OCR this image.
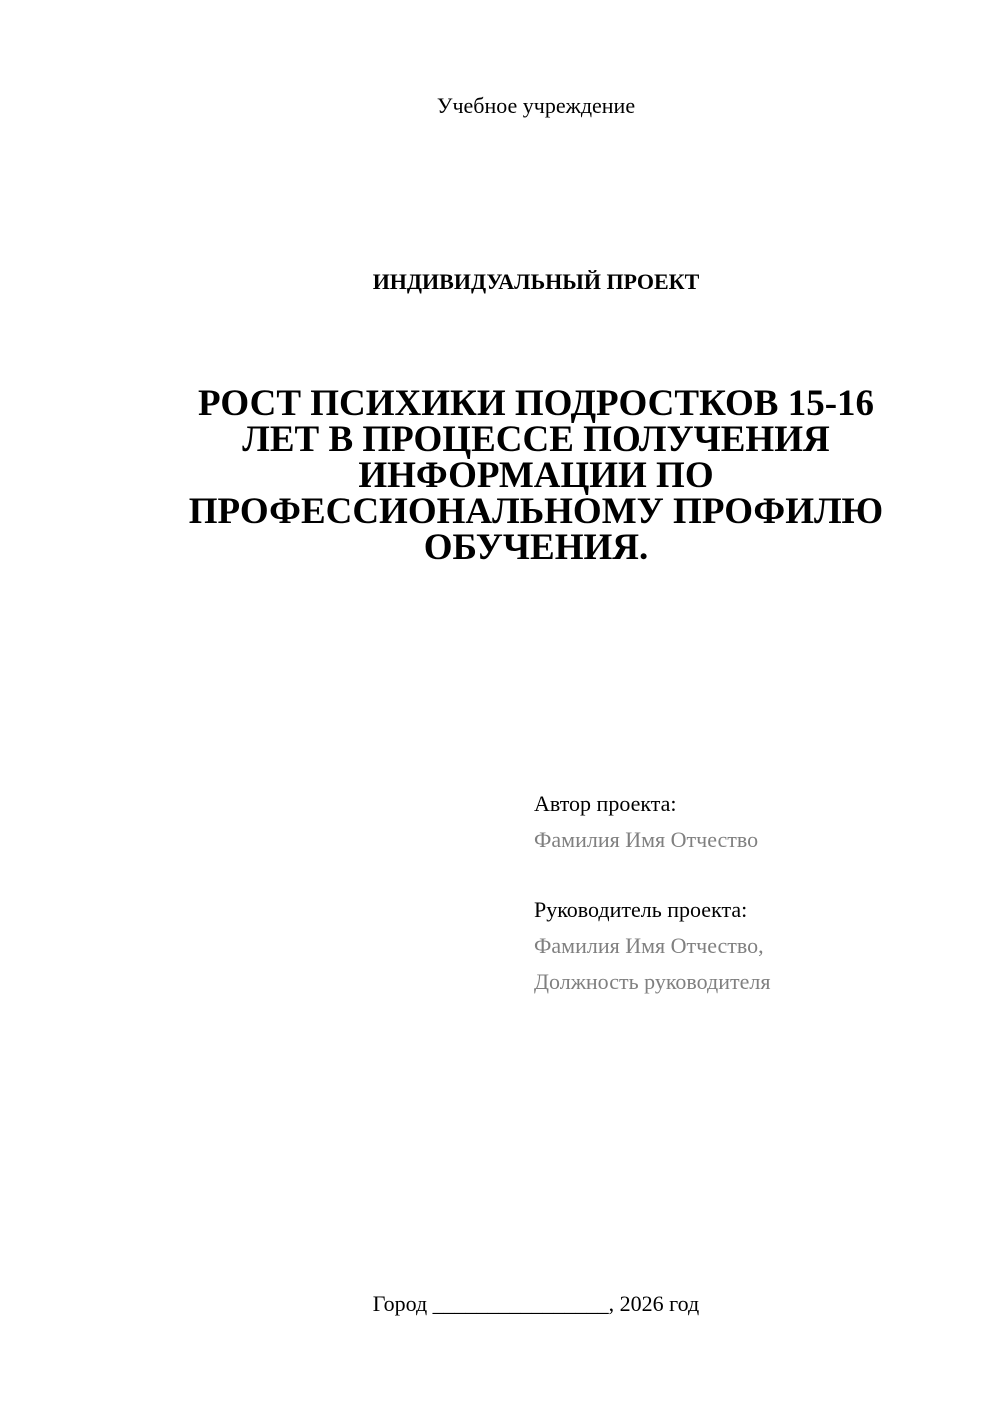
Учебное учреждение
ИНДИВИДУАЛЬНЫЙ ПРОЕКТ
РОСТ ПСИХИКИ ПОДРОСТКОВ 15-16
ЛЕТ В ПРОЦЕССЕ ПОЛУЧЕНИЯ
ИНФОРМАЦИИ ПО
ПРОФЕССИОНАЛЬНОМУ ПРОФИЛЮ
ОБУЧЕНИЯ.
Автор проекта:
Фамилия Имя Отчество
Руководитель проекта:
Фамилия Имя Отчество,
Должность руководителя
Город ________________, 2026 год
